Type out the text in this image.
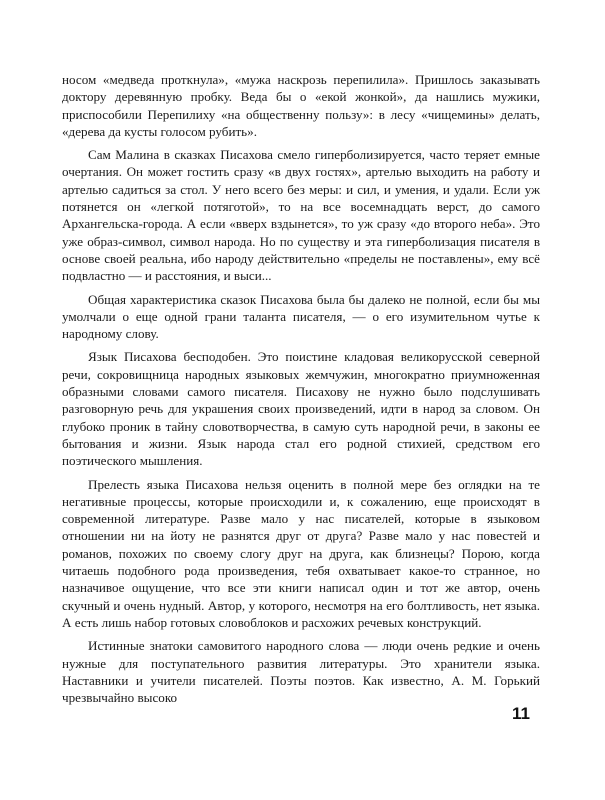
носом «медведа проткнула», «мужа наскрозь перепилила». Пришлось заказывать доктору деревянную пробку. Веда бы о «екой жонкой», да нашлись мужики, приспособили Перепилиху «на общественну пользу»: в лесу «чищемины» делать, «дерева да кусты голосом рубить».

Сам Малина в сказках Писахова смело гиперболизируется, часто теряет емные очертания. Он может гостить сразу «в двух гостях», артелью выходить на работу и артелью садиться за стол. У него всего без меры: и сил, и умения, и удали. Если уж потянется он «легкой потяготой», то на все восемнадцать верст, до самого Архангельска-города. А если «вверх вздынется», то уж сразу «до второго неба». Это уже образ-символ, символ народа. Но по существу и эта гиперболизация писателя в основе своей реальна, ибо народу действительно «пределы не поставлены», ему всё подвластно — и расстояния, и выси...

Общая характеристика сказок Писахова была бы далеко не полной, если бы мы умолчали о еще одной грани таланта писателя, — о его изумительном чутье к народному слову.

Язык Писахова бесподобен. Это поистине кладовая великорусской северной речи, сокровищница народных языковых жемчужин, многократно приумноженная образными словами самого писателя. Писахову не нужно было подслушивать разговорную речь для украшения своих произведений, идти в народ за словом. Он глубоко проник в тайну словотворчества, в самую суть народной речи, в законы ее бытования и жизни. Язык народа стал его родной стихией, средством его поэтического мышления.

Прелесть языка Писахова нельзя оценить в полной мере без оглядки на те негативные процессы, которые происходили и, к сожалению, еще происходят в современной литературе. Разве мало у нас писателей, которые в языковом отношении ни на йоту не разнятся друг от друга? Разве мало у нас повестей и романов, похожих по своему слогу друг на друга, как близнецы? Порою, когда читаешь подобного рода произведения, тебя охватывает какое-то странное, но назначивое ощущение, что все эти книги написал один и тот же автор, очень скучный и очень нудный. Автор, у которого, несмотря на его болтливость, нет языка. А есть лишь набор готовых словоблоков и расхожих речевых конструкций.

Истинные знатоки самовитого народного слова — люди очень редкие и очень нужные для поступательного развития литературы. Это хранители языка. Наставники и учители писателей. Поэты поэтов. Как известно, А. М. Горький чрезвычайно высоко

11
